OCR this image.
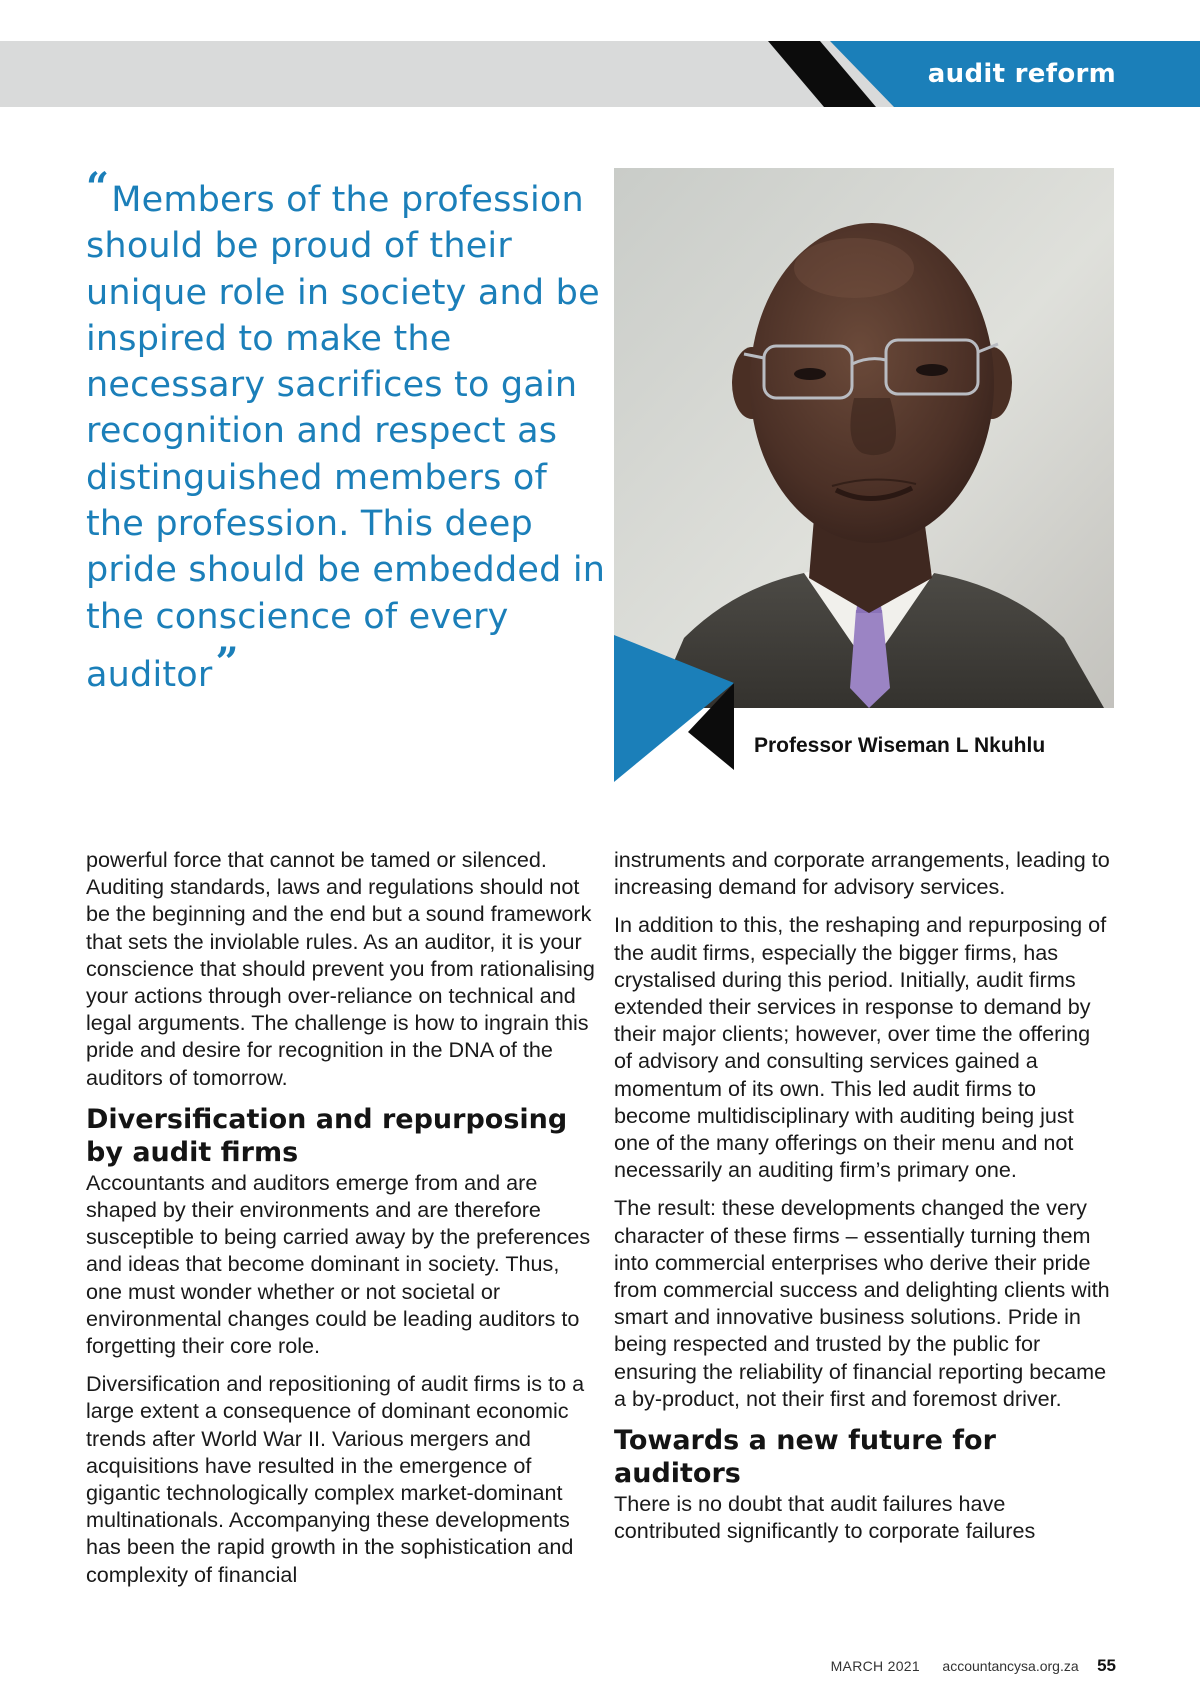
audit reform
“Members of the profession should be proud of their unique role in society and be inspired to make the necessary sacrifices to gain recognition and respect as distinguished members of the profession. This deep pride should be embedded in the conscience of every auditor”
Professor Wiseman L Nkuhlu

powerful force that cannot be tamed or silenced. Auditing standards, laws and regulations should not be the beginning and the end but a sound framework that sets the inviolable rules. As an auditor, it is your conscience that should prevent you from rationalising your actions through over-reliance on technical and legal arguments. The challenge is how to ingrain this pride and desire for recognition in the DNA of the auditors of tomorrow.

Diversification and repurposing by audit firms

Accountants and auditors emerge from and are shaped by their environments and are therefore susceptible to being carried away by the preferences and ideas that become dominant in society. Thus, one must wonder whether or not societal or environmental changes could be leading auditors to forgetting their core role.

Diversification and repositioning of audit firms is to a large extent a consequence of dominant economic trends after World War II. Various mergers and acquisitions have resulted in the emergence of gigantic technologically complex market-dominant multinationals. Accompanying these developments has been the rapid growth in the sophistication and complexity of financial

instruments and corporate arrangements, leading to increasing demand for advisory services.

In addition to this, the reshaping and repurposing of the audit firms, especially the bigger firms, has crystalised during this period. Initially, audit firms extended their services in response to demand by their major clients; however, over time the offering of advisory and consulting services gained a momentum of its own. This led audit firms to become multidisciplinary with auditing being just one of the many offerings on their menu and not necessarily an auditing firm’s primary one.

The result: these developments changed the very character of these firms – essentially turning them into commercial enterprises who derive their pride from commercial success and delighting clients with smart and innovative business solutions. Pride in being respected and trusted by the public for ensuring the reliability of financial reporting became a by-product, not their first and foremost driver.

Towards a new future for auditors

There is no doubt that audit failures have contributed significantly to corporate failures

MARCH 2021 accountancysa.org.za 55
